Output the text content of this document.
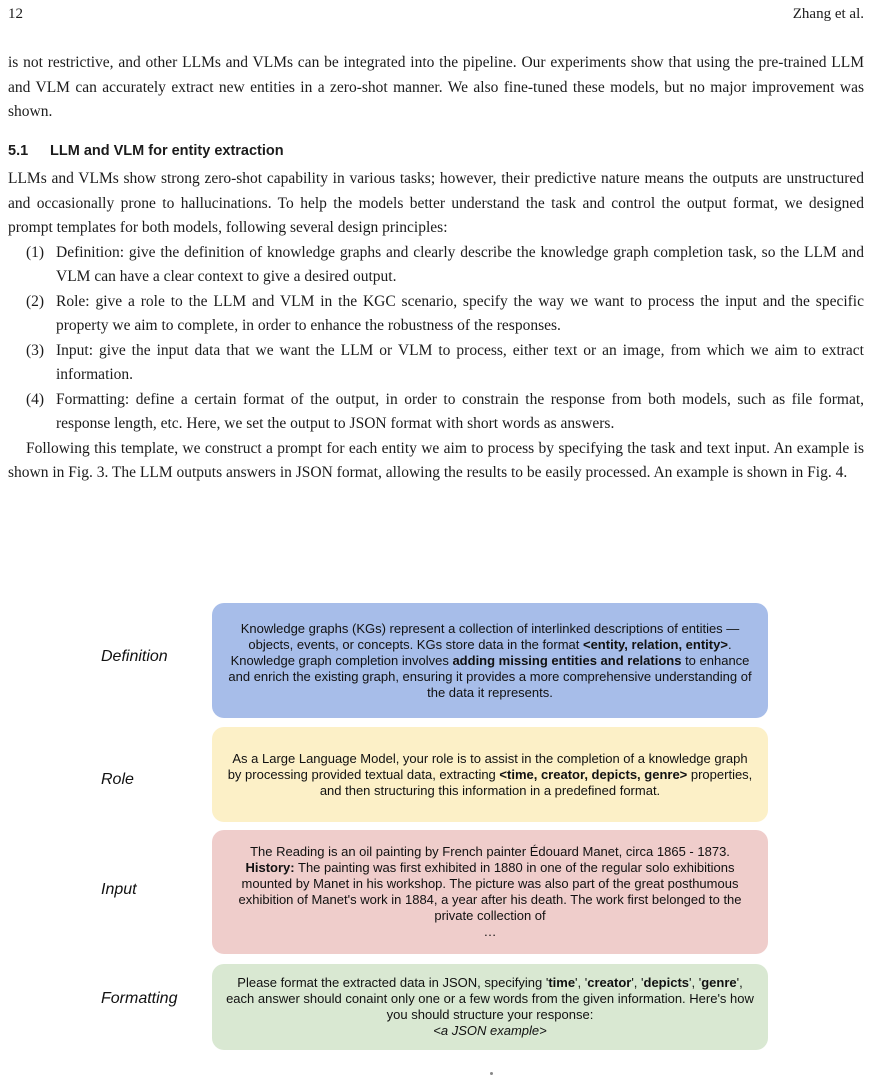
12	Zhang et al.

is not restrictive, and other LLMs and VLMs can be integrated into the pipeline. Our experiments show that using the pre-trained LLM and VLM can accurately extract new entities in a zero-shot manner. We also fine-tuned these models, but no major improvement was shown.

5.1 LLM and VLM for entity extraction

LLMs and VLMs show strong zero-shot capability in various tasks; however, their predictive nature means the outputs are unstructured and occasionally prone to hallucinations. To help the models better understand the task and control the output format, we designed prompt templates for both models, following several design principles:

(1) Definition: give the definition of knowledge graphs and clearly describe the knowledge graph completion task, so the LLM and VLM can have a clear context to give a desired output.
(2) Role: give a role to the LLM and VLM in the KGC scenario, specify the way we want to process the input and the specific property we aim to complete, in order to enhance the robustness of the responses.
(3) Input: give the input data that we want the LLM or VLM to process, either text or an image, from which we aim to extract information.
(4) Formatting: define a certain format of the output, in order to constrain the response from both models, such as file format, response length, etc. Here, we set the output to JSON format with short words as answers.

Following this template, we construct a prompt for each entity we aim to process by specifying the task and text input. An example is shown in Fig. 3. The LLM outputs answers in JSON format, allowing the results to be easily processed. An example is shown in Fig. 4.

Definition
Knowledge graphs (KGs) represent a collection of interlinked descriptions of entities — objects, events, or concepts. KGs store data in the format <entity, relation, entity>. Knowledge graph completion involves adding missing entities and relations to enhance and enrich the existing graph, ensuring it provides a more comprehensive understanding of the data it represents.
Role
As a Large Language Model, your role is to assist in the completion of a knowledge graph by processing provided textual data, extracting <time, creator, depicts, genre> properties, and then structuring this information in a predefined format.
Input
The Reading is an oil painting by French painter Édouard Manet, circa 1865 - 1873.
History: The painting was first exhibited in 1880 in one of the regular solo exhibitions mounted by Manet in his workshop. The picture was also part of the great posthumous exhibition of Manet's work in 1884, a year after his death. The work first belonged to the private collection of
…
Formatting
Please format the extracted data in JSON, specifying 'time', 'creator', 'depicts', 'genre', each answer should conaint only one or a few words from the given information. Here's how you should structure your response:
<a JSON example>
